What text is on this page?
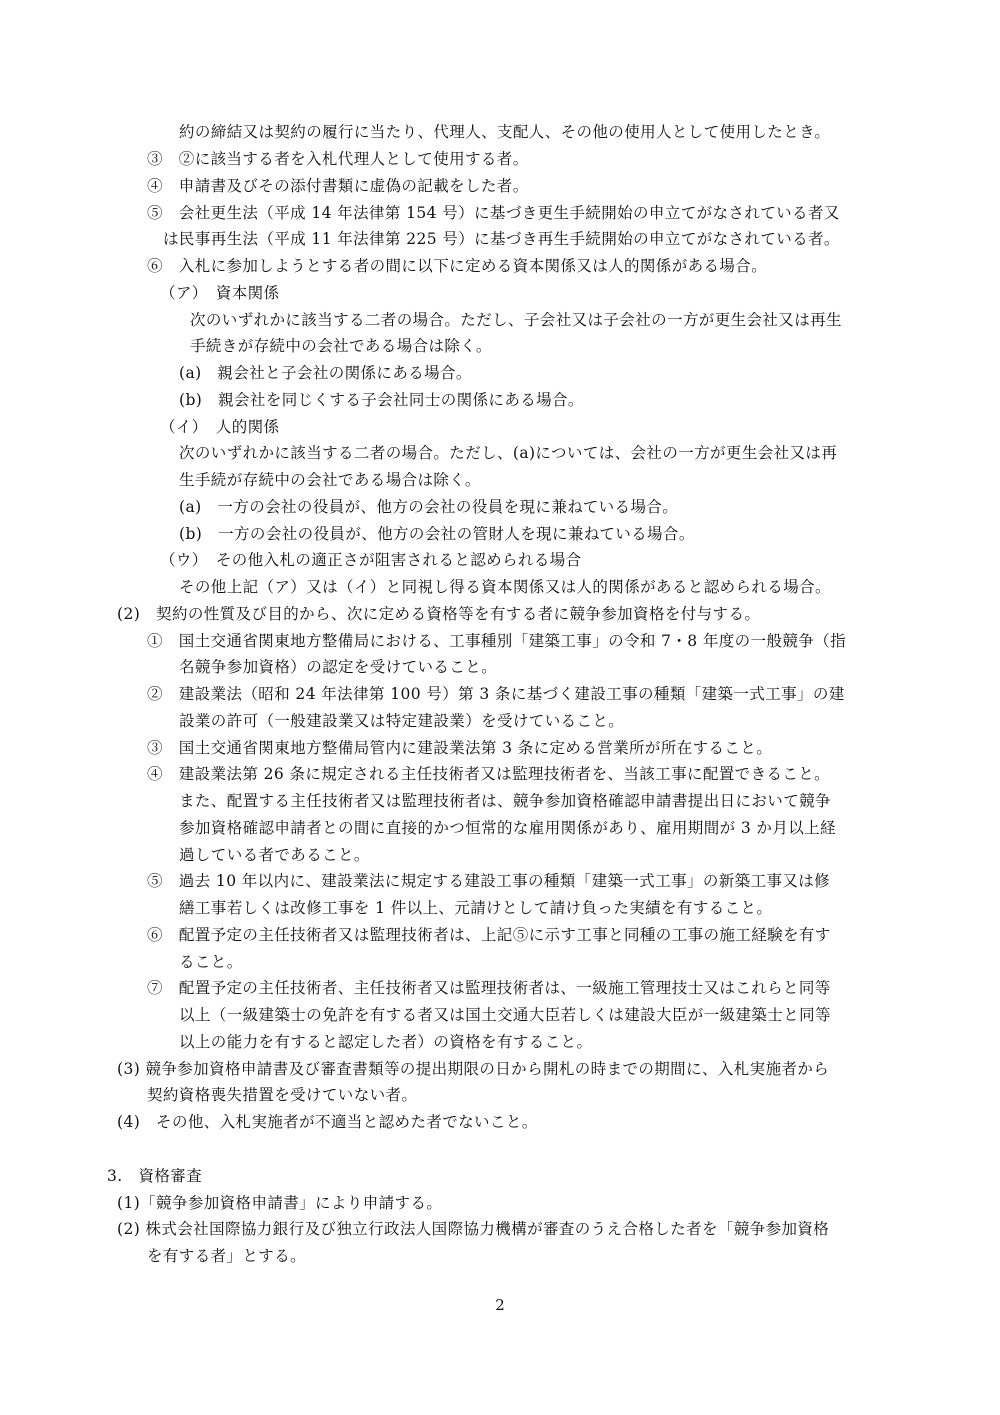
約の締結又は契約の履行に当たり、代理人、支配人、その他の使用人として使用したとき。
③　②に該当する者を入札代理人として使用する者。
④　申請書及びその添付書類に虚偽の記載をした者。
⑤　会社更生法（平成 14 年法律第 154 号）に基づき更生手続開始の申立てがなされている者又
は民事再生法（平成 11 年法律第 225 号）に基づき再生手続開始の申立てがなされている者。
⑥　入札に参加しようとする者の間に以下に定める資本関係又は人的関係がある場合。
（ア）　資本関係
次のいずれかに該当する二者の場合。ただし、子会社又は子会社の一方が更生会社又は再生
手続きが存続中の会社である場合は除く。
(a)　親会社と子会社の関係にある場合。
(b)　親会社を同じくする子会社同士の関係にある場合。
（イ）　人的関係
次のいずれかに該当する二者の場合。ただし、(a)については、会社の一方が更生会社又は再
生手続が存続中の会社である場合は除く。
(a)　一方の会社の役員が、他方の会社の役員を現に兼ねている場合。
(b)　一方の会社の役員が、他方の会社の管財人を現に兼ねている場合。
（ウ）　その他入札の適正さが阻害されると認められる場合
その他上記（ア）又は（イ）と同視し得る資本関係又は人的関係があると認められる場合。
(2)　契約の性質及び目的から、次に定める資格等を有する者に競争参加資格を付与する。
①　国土交通省関東地方整備局における、工事種別「建築工事」の令和 7・8 年度の一般競争（指
名競争参加資格）の認定を受けていること。
②　建設業法（昭和 24 年法律第 100 号）第 3 条に基づく建設工事の種類「建築一式工事」の建
設業の許可（一般建設業又は特定建設業）を受けていること。
③　国土交通省関東地方整備局管内に建設業法第 3 条に定める営業所が所在すること。
④　建設業法第 26 条に規定される主任技術者又は監理技術者を、当該工事に配置できること。
また、配置する主任技術者又は監理技術者は、競争参加資格確認申請書提出日において競争
参加資格確認申請者との間に直接的かつ恒常的な雇用関係があり、雇用期間が 3 か月以上経
過している者であること。
⑤　過去 10 年以内に、建設業法に規定する建設工事の種類「建築一式工事」の新築工事又は修
繕工事若しくは改修工事を 1 件以上、元請けとして請け負った実績を有すること。
⑥　配置予定の主任技術者又は監理技術者は、上記⑤に示す工事と同種の工事の施工経験を有す
ること。
⑦　配置予定の主任技術者、主任技術者又は監理技術者は、一級施工管理技士又はこれらと同等
以上（一級建築士の免許を有する者又は国土交通大臣若しくは建設大臣が一級建築士と同等
以上の能力を有すると認定した者）の資格を有すること。
(3) 競争参加資格申請書及び審査書類等の提出期限の日から開札の時までの期間に、入札実施者から
契約資格喪失措置を受けていない者。
(4)　その他、入札実施者が不適当と認めた者でないこと。
3.　資格審査
(1)「競争参加資格申請書」により申請する。
(2) 株式会社国際協力銀行及び独立行政法人国際協力機構が審査のうえ合格した者を「競争参加資格
を有する者」とする。
2
